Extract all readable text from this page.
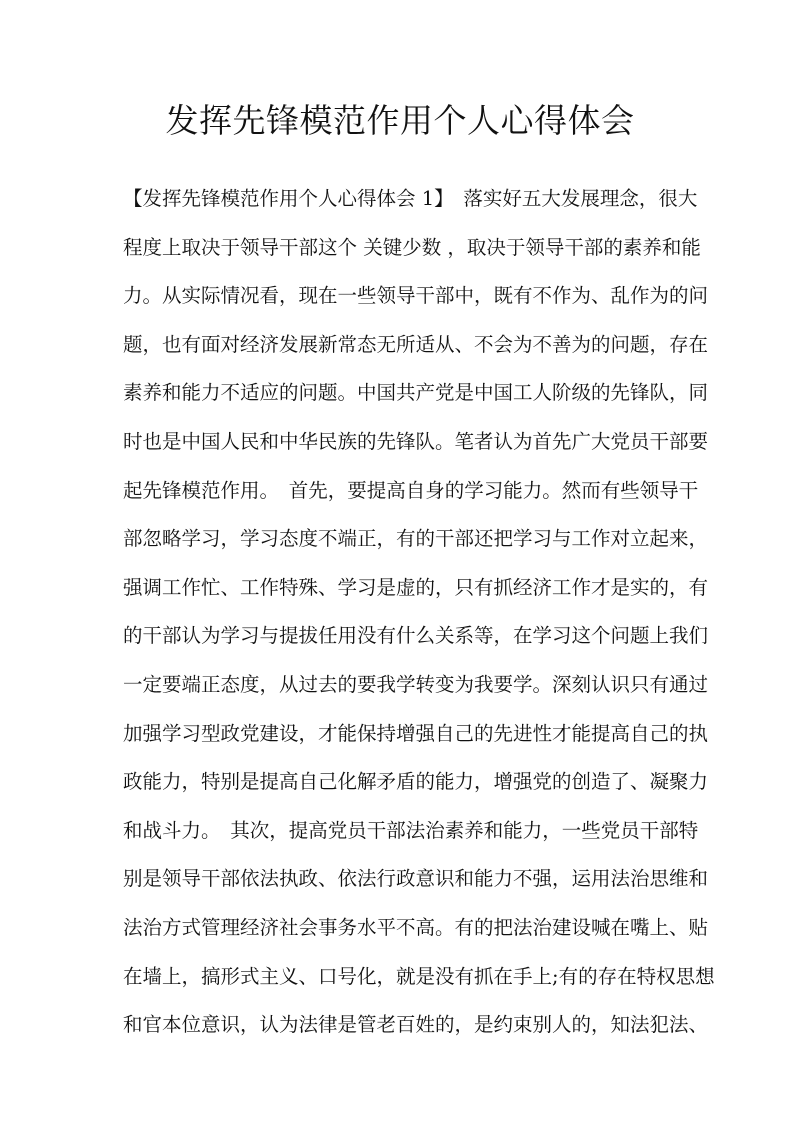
发挥先锋模范作用个人心得体会
【发挥先锋模范作用个人心得体会 1】　落实好五大发展理念，很大
程度上取决于领导干部这个 关键少数 ，取决于领导干部的素养和能
力。从实际情况看，现在一些领导干部中，既有不作为、乱作为的问
题，也有面对经济发展新常态无所适从、不会为不善为的问题，存在
素养和能力不适应的问题。中国共产党是中国工人阶级的先锋队，同
时也是中国人民和中华民族的先锋队。笔者认为首先广大党员干部要
起先锋模范作用。　首先，要提高自身的学习能力。然而有些领导干
部忽略学习，学习态度不端正，有的干部还把学习与工作对立起来，
强调工作忙、工作特殊、学习是虚的，只有抓经济工作才是实的，有
的干部认为学习与提拔任用没有什么关系等，在学习这个问题上我们
一定要端正态度，从过去的要我学转变为我要学。深刻认识只有通过
加强学习型政党建设，才能保持增强自己的先进性才能提高自己的执
政能力，特别是提高自己化解矛盾的能力，增强党的创造了、凝聚力
和战斗力。　其次，提高党员干部法治素养和能力，一些党员干部特
别是领导干部依法执政、依法行政意识和能力不强，运用法治思维和
法治方式管理经济社会事务水平不高。有的把法治建设喊在嘴上、贴
在墙上，搞形式主义、口号化，就是没有抓在手上;有的存在特权思想
和官本位意识，认为法律是管老百姓的，是约束别人的，知法犯法、
